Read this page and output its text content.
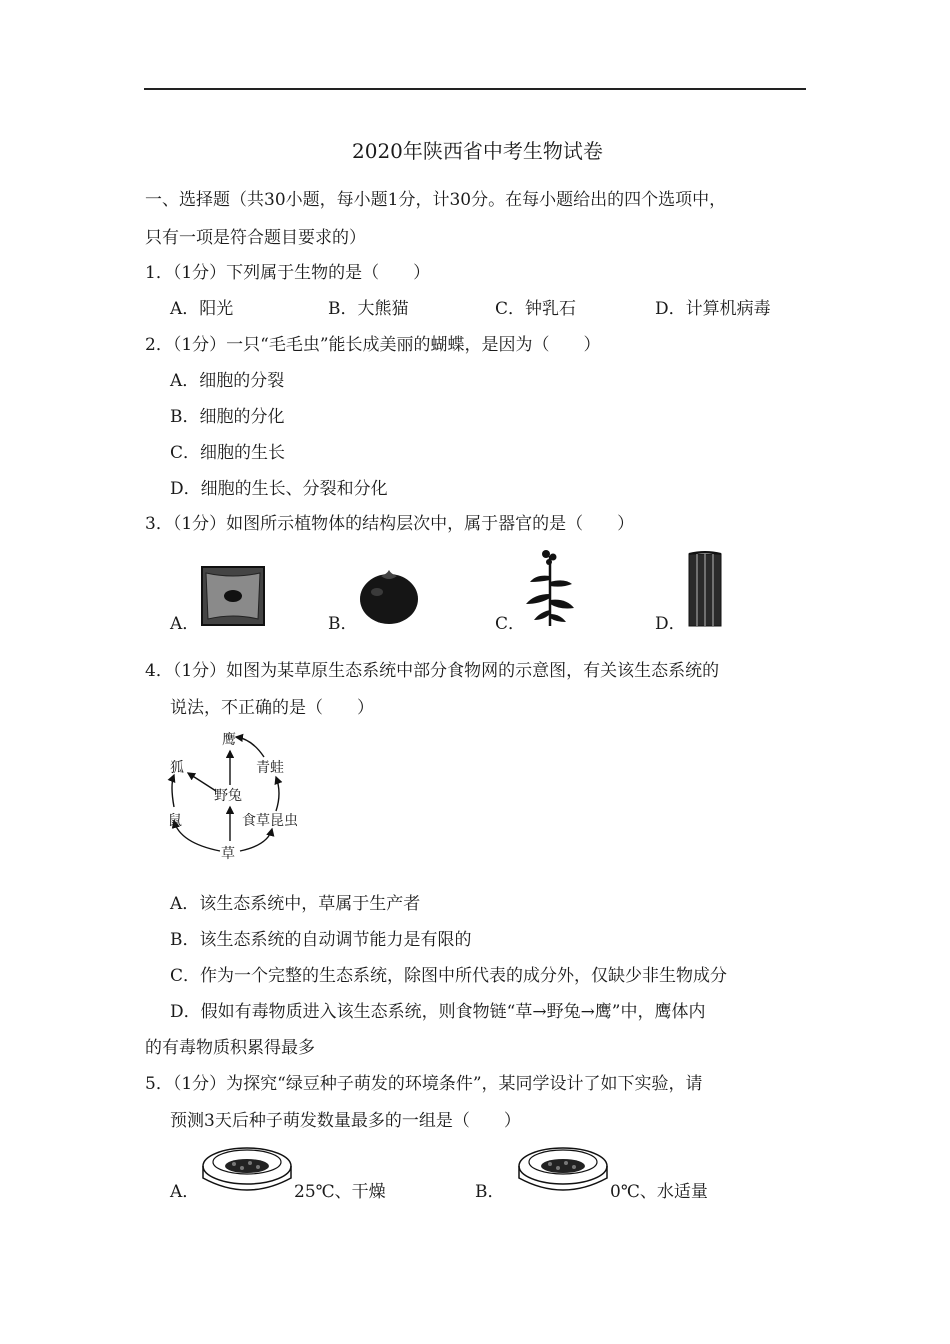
2020年陕西省中考生物试卷
一、选择题（共30小题，每小题1分，计30分。在每小题给出的四个选项中，
只有一项是符合题目要求的）
1．（1分）下列属于生物的是（　　）
A．阳光	B．大熊猫	C．钟乳石	D．计算机病毒
2．（1分）一只“毛毛虫”能长成美丽的蝴蝶，是因为（　　）
A．细胞的分裂
B．细胞的分化
C．细胞的生长
D．细胞的生长、分裂和分化
3．（1分）如图所示植物体的结构层次中，属于器官的是（　　）
A．	B．	C．	D．
4．（1分）如图为某草原生态系统中部分食物网的示意图，有关该生态系统的
说法，不正确的是（　　）
鹰
狐	青蛙
野兔
鼠	食草昆虫
草
A．该生态系统中，草属于生产者
B．该生态系统的自动调节能力是有限的
C．作为一个完整的生态系统，除图中所代表的成分外，仅缺少非生物成分
D．假如有毒物质进入该生态系统，则食物链“草→野兔→鹰”中，鹰体内
的有毒物质积累得最多
5．（1分）为探究“绿豆种子萌发的环境条件”，某同学设计了如下实验，请
预测3天后种子萌发数量最多的一组是（　　）
A．	25℃、干燥	B．	0℃、水适量
